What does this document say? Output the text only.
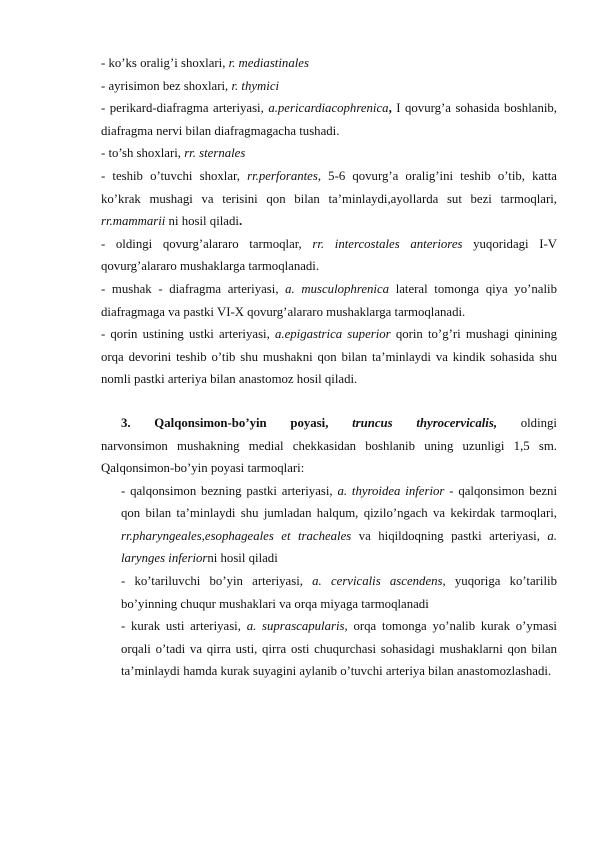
- ko’ks oralig’i shoxlari, r. mediastinales

- ayrisimon bez shoxlari, r. thymici

- perikard-diafragma arteriyasi, a.pericardiacophrenica, I qovurg’a sohasida boshlanib, diafragma nervi bilan diafragmagacha tushadi.

- to’sh shoxlari, rr. sternales

- teshib o’tuvchi shoxlar, rr.perforantes, 5-6 qovurg’a oralig’ini teshib o’tib, katta ko’krak mushagi va terisini qon bilan ta’minlaydi,ayollarda sut bezi tarmoqlari, rr.mammarii ni hosil qiladi.

- oldingi qovurg’alararo tarmoqlar, rr. intercostales anteriores yuqoridagi I-V qovurg’alararo mushaklarga tarmoqlanadi.

- mushak - diafragma arteriyasi, a. musculophrenica lateral tomonga qiya yo’nalib diafragmaga va pastki VI-X qovurg’alararo mushaklarga tarmoqlanadi.

- qorin ustining ustki arteriyasi, a.epigastrica superior qorin to’g’ri mushagi qinining orqa devorini teshib o’tib shu mushakni qon bilan ta’minlaydi va kindik sohasida shu nomli pastki arteriya bilan anastomoz hosil qiladi.

3. Qalqonsimon-bo’yin poyasi, truncus thyrocervicalis, oldingi

narvonsimon mushakning medial chekkasidan boshlanib uning uzunligi 1,5 sm. Qalqonsimon-bo’yin poyasi tarmoqlari:

- qalqonsimon bezning pastki arteriyasi, a. thyroidea inferior - qalqonsimon bezni qon bilan ta’minlaydi shu jumladan halqum, qizilo’ngach va kekirdak tarmoqlari, rr.pharyngeales,esophageales et tracheales va hiqildoqning pastki arteriyasi, a. larynges inferiorni hosil qiladi

- ko’tariluvchi bo’yin arteriyasi, a. cervicalis ascendens, yuqoriga ko’tarilib bo’yinning chuqur mushaklari va orqa miyaga tarmoqlanadi

- kurak usti arteriyasi, a. suprascapularis, orqa tomonga yo’nalib kurak o’ymasi orqali o’tadi va qirra usti, qirra osti chuqurchasi sohasidagi mushaklarni qon bilan ta’minlaydi hamda kurak suyagini aylanib o’tuvchi arteriya bilan anastomozlashadi.
